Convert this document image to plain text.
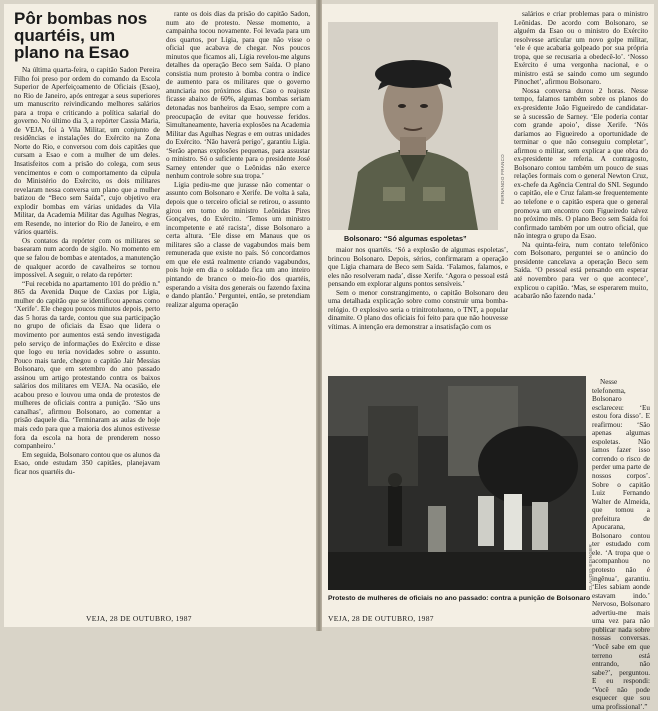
Pôr bombas nos quartéis, um plano na Esao

Na última quarta-feira, o capitão Sadon Pereira Filho foi preso por ordem do comando da Escola Superior de Aperfeiçoamento de Oficiais (Esao), no Rio de Janeiro, após entregar a seus superiores um manuscrito reivindicando melhores salários para a tropa e criticando a política salarial do governo. No último dia 3, a repórter Cassia Maria, de VEJA, foi à Vila Militar, um conjunto de residências e instalações do Exército na Zona Norte do Rio, e conversou com dois capitães que cursam a Esao e com a mulher de um deles. Insatisfeitos com a prisão do colega, com seus vencimentos e com o comportamento da cúpula do Ministério do Exército, os dois militares revelaram nessa conversa um plano que a mulher batizou de “Beco sem Saída”, cujo objetivo era explodir bombas em várias unidades da Vila Militar, da Academia Militar das Agulhas Negras, em Resende, no interior do Rio de Janeiro, e em vários quartéis.

Os contatos da repórter com os militares se basearam num acordo de sigilo. No momento em que se falou de bombas e atentados, a manutenção de qualquer acordo de cavalheiros se tornou impossível. A seguir, o relato da repórter:

“Fui recebida no apartamento 101 do prédio n.º 865 da Avenida Duque de Caxias por Lígia, mulher do capitão que se identificou apenas como ‘Xerife’. Ele chegou poucos minutos depois, perto das 5 horas da tarde, contou que sua participação no grupo de oficiais da Esao que lidera o movimento por aumentos está sendo investigada pelo serviço de informações do Exército e disse que logo eu teria novidades sobre o assunto. Pouco mais tarde, chegou o capitão Jair Messias Bolsonaro, que em setembro do ano passado assinou um artigo protestando contra os baixos salários dos militares em VEJA. Na ocasião, ele acabou preso e louvou uma onda de protestos de mulheres de oficiais contra a punição. ‘São uns canalhas’, afirmou Bolsonaro, ao comentar a prisão daquele dia. ‘Terminaram as aulas de hoje mais cedo para que a maioria dos alunos estivesse fora da escola na hora de prenderem nosso companheiro.’

Em seguida, Bolsonaro contou que os alunos da Esao, onde estudam 350 capitães, planejavam ficar nos quartéis du-

rante os dois dias da prisão do capitão Sadon, num ato de protesto. Nesse momento, a campainha tocou novamente. Foi levada para um dos quartos, por Lígia, para que não visse o oficial que acabava de chegar. Nos poucos minutos que ficamos ali, Lígia revelou-me alguns detalhes da operação Beco sem Saída. O plano consistia num protesto à bomba contra o índice de aumento para os militares que o governo anunciaria nos próximos dias. Caso o reajuste ficasse abaixo de 60%, algumas bombas seriam detonadas nos banheiros da Esao, sempre com a preocupação de evitar que houvesse feridos. Simultaneamente, haveria explosões na Academia Militar das Agulhas Negras e em outras unidades do Exército. ‘Não haverá perigo’, garantiu Lígia. ‘Serão apenas explosões pequenas, para assustar o ministro. Só o suficiente para o presidente José Sarney entender que o Leônidas não exerce nenhum controle sobre sua tropa.’

Lígia pediu-me que jurasse não comentar o assunto com Bolsonaro e Xerife. De volta à sala, depois que o terceiro oficial se retirou, o assunto girou em torno do ministro Leônidas Pires Gonçalves, do Exército. ‘Temos um ministro incompetente e até racista’, disse Bolsonaro a certa altura. ‘Ele disse em Manaus que os militares são a classe de vagabundos mais bem remunerada que existe no país. Só concordamos em que ele está realmente criando vagabundos, pois hoje em dia o soldado fica um ano inteiro pintando de branco o meio-fio dos quartéis, esperando a visita dos generais ou fazendo faxina e dando plantão.’ Perguntei, então, se pretendiam realizar alguma operação

VEJA, 28 DE OUTUBRO, 1987
FERNANDO FRANCO
Bolsonaro: “Só algumas espoletas”

maior nos quartéis. ‘Só a explosão de algumas espoletas’, brincou Bolsonaro. Depois, sérios, confirmaram a operação que Lígia chamara de Beco sem Saída. ‘Falamos, falamos, e eles não resolveram nada’, disse Xerife. ‘Agora o pessoal está pensando em explorar alguns pontos sensíveis.’

Sem o menor constrangimento, o capitão Bolsonaro deu uma detalhada explicação sobre como construir uma bomba-relógio. O explosivo seria o trinitrotolueno, o TNT, a popular dinamite. O plano dos oficiais foi feito para que não houvesse vítimas. A intenção era demonstrar a insatisfação com os

CLAUDIO EDINGER
Protesto de mulheres de oficiais no ano passado: contra a punição de Bolsonaro

salários e criar problemas para o ministro Leônidas. De acordo com Bolsonaro, se alguém da Esao ou o ministro do Exército resolvesse articular um novo golpe militar, ‘ele é que acabaria golpeado por sua própria tropa, que se recusaria a obedecê-lo’. ‘Nosso Exército é uma vergonha nacional, e o ministro está se saindo como um segundo Pinochet’, afirmou Bolsonaro.

Nossa conversa durou 2 horas. Nesse tempo, falamos também sobre os planos do ex-presidente João Figueiredo de candidatar-se à sucessão de Sarney. ‘Ele poderia contar com grande apoio’, disse Xerife. ‘Nós daríamos ao Figueiredo a oportunidade de terminar o que não conseguiu completar’, afirmou o militar, sem explicar a que obra do ex-presidente se referia. A contragosto, Bolsonaro contou também um pouco de suas relações formais com o general Newton Cruz, ex-chefe da Agência Central do SNI. Segundo o capitão, ele e Cruz falam-se frequentemente ao telefone e o capitão espera que o general promova um encontro com Figueiredo talvez no próximo mês. O plano Beco sem Saída foi confirmado também por um outro oficial, que não integra o grupo da Esao.

Na quinta-feira, num contato telefônico com Bolsonaro, perguntei se o anúncio do presidente cancelava a operação Beco sem Saída. ‘O pessoal está pensando em esperar até novembro para ver o que acontece’, explicou o capitão. ‘Mas, se esperarem muito, acabarão não fazendo nada.’

Nesse telefonema, Bolsonaro esclareceu: ‘Eu estou fora disso’. E reafirmou: ‘São apenas algumas espoletas. Não íamos fazer isso correndo o risco de perder uma parte de nossos corpos’. Sobre o capitão Luiz Fernando Walter de Almeida, que tomou a prefeitura de Apucarana, Bolsonaro contou ter estudado com ele. ‘A tropa que o acompanhou no protesto não é ingênua’, garantiu. ‘Eles sabiam aonde estavam indo.’ Nervoso, Bolsonaro advertiu-me mais uma vez para não publicar nada sobre nossas conversas. ‘Você sabe em que terreno está entrando, não sabe?’, perguntou. E eu respondi: ‘Você não pode esquecer que sou uma profissional’.”

VEJA, 28 DE OUTUBRO, 1987
